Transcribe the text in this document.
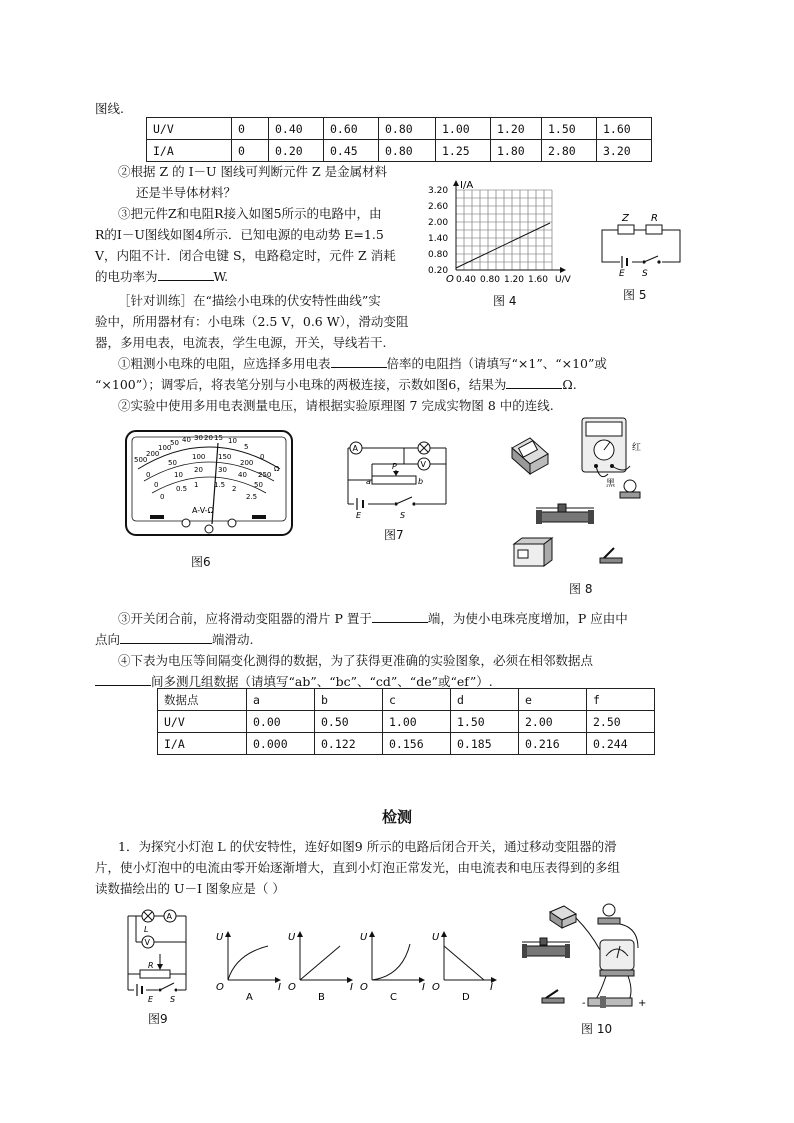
图线.
U/V	0	0.40	0.60	0.80	1.00	1.20	1.50	1.60
I/A	0	0.20	0.45	0.80	1.25	1.80	2.80	3.20
②根据 Z 的 I－U 图线可判断元件 Z 是金属材料
还是半导体材料？
③把元件Z和电阻R接入如图5所示的电路中，由
R的I－U图线如图4所示．已知电源的电动势 E=1.5
V，内阻不计．闭合电键 S，电路稳定时，元件 Z 消耗
的电功率为	W.
［针对训练］在“描绘小电珠的伏安特性曲线”实
验中，所用器材有：小电珠（2.5 V，0.6 W），滑动变阻
器，多用电表，电流表，学生电源，开关，导线若干.
①粗测小电珠的电阻，应选择多用电表	倍率的电阻挡（请填写“×1”、“×10”或
“×100”）；调零后，将表笔分别与小电珠的两极连接，示数如图6，结果为	Ω.
②实验中使用多用电表测量电压，请根据实验原理图 7 完成实物图 8 中的连线.
I/A
3.20
2.60
2.00
1.40
0.80
0.20
O 0.40 0.80 1.20 1.60 U/V
图 4
Z R
E S
图 5
500
200
100
50 40 30 20 15 10
5
0
Ω
0
50
100 150
200
250
0
10
20 30
40
50
0
0.5 1 1.5 2
2.5
A-V-Ω
图6
A
V
a
P
b
E	S
图7
红
黑
图 8
③开关闭合前，应将滑动变阻器的滑片 P 置于	端，为使小电珠亮度增加，P 应由中
点向	端滑动.
④下表为电压等间隔变化测得的数据，为了获得更准确的实验图象，必须在相邻数据点
间多测几组数据（请填写“ab”、“bc”、“cd”、“de”或“ef”）.
数据点	a	b	c	d	e	f
U/V	0.00	0.50	1.00	1.50	2.00	2.50
I/A	0.000	0.122	0.156	0.185	0.216	0.244
检测
1．为探究小灯泡 L 的伏安特性，连好如图9 所示的电路后闭合开关，通过移动变阻器的滑
片，使小灯泡中的电流由零开始逐渐增大，直到小灯泡正常发光，由电流表和电压表得到的多组
读数描绘出的 U－I 图象应是（ ）
A
L
V
R
E S
图9
U
O	I
A
U
O	I
B
U
O	I
C
U
O	I
D
+
-
图 10
